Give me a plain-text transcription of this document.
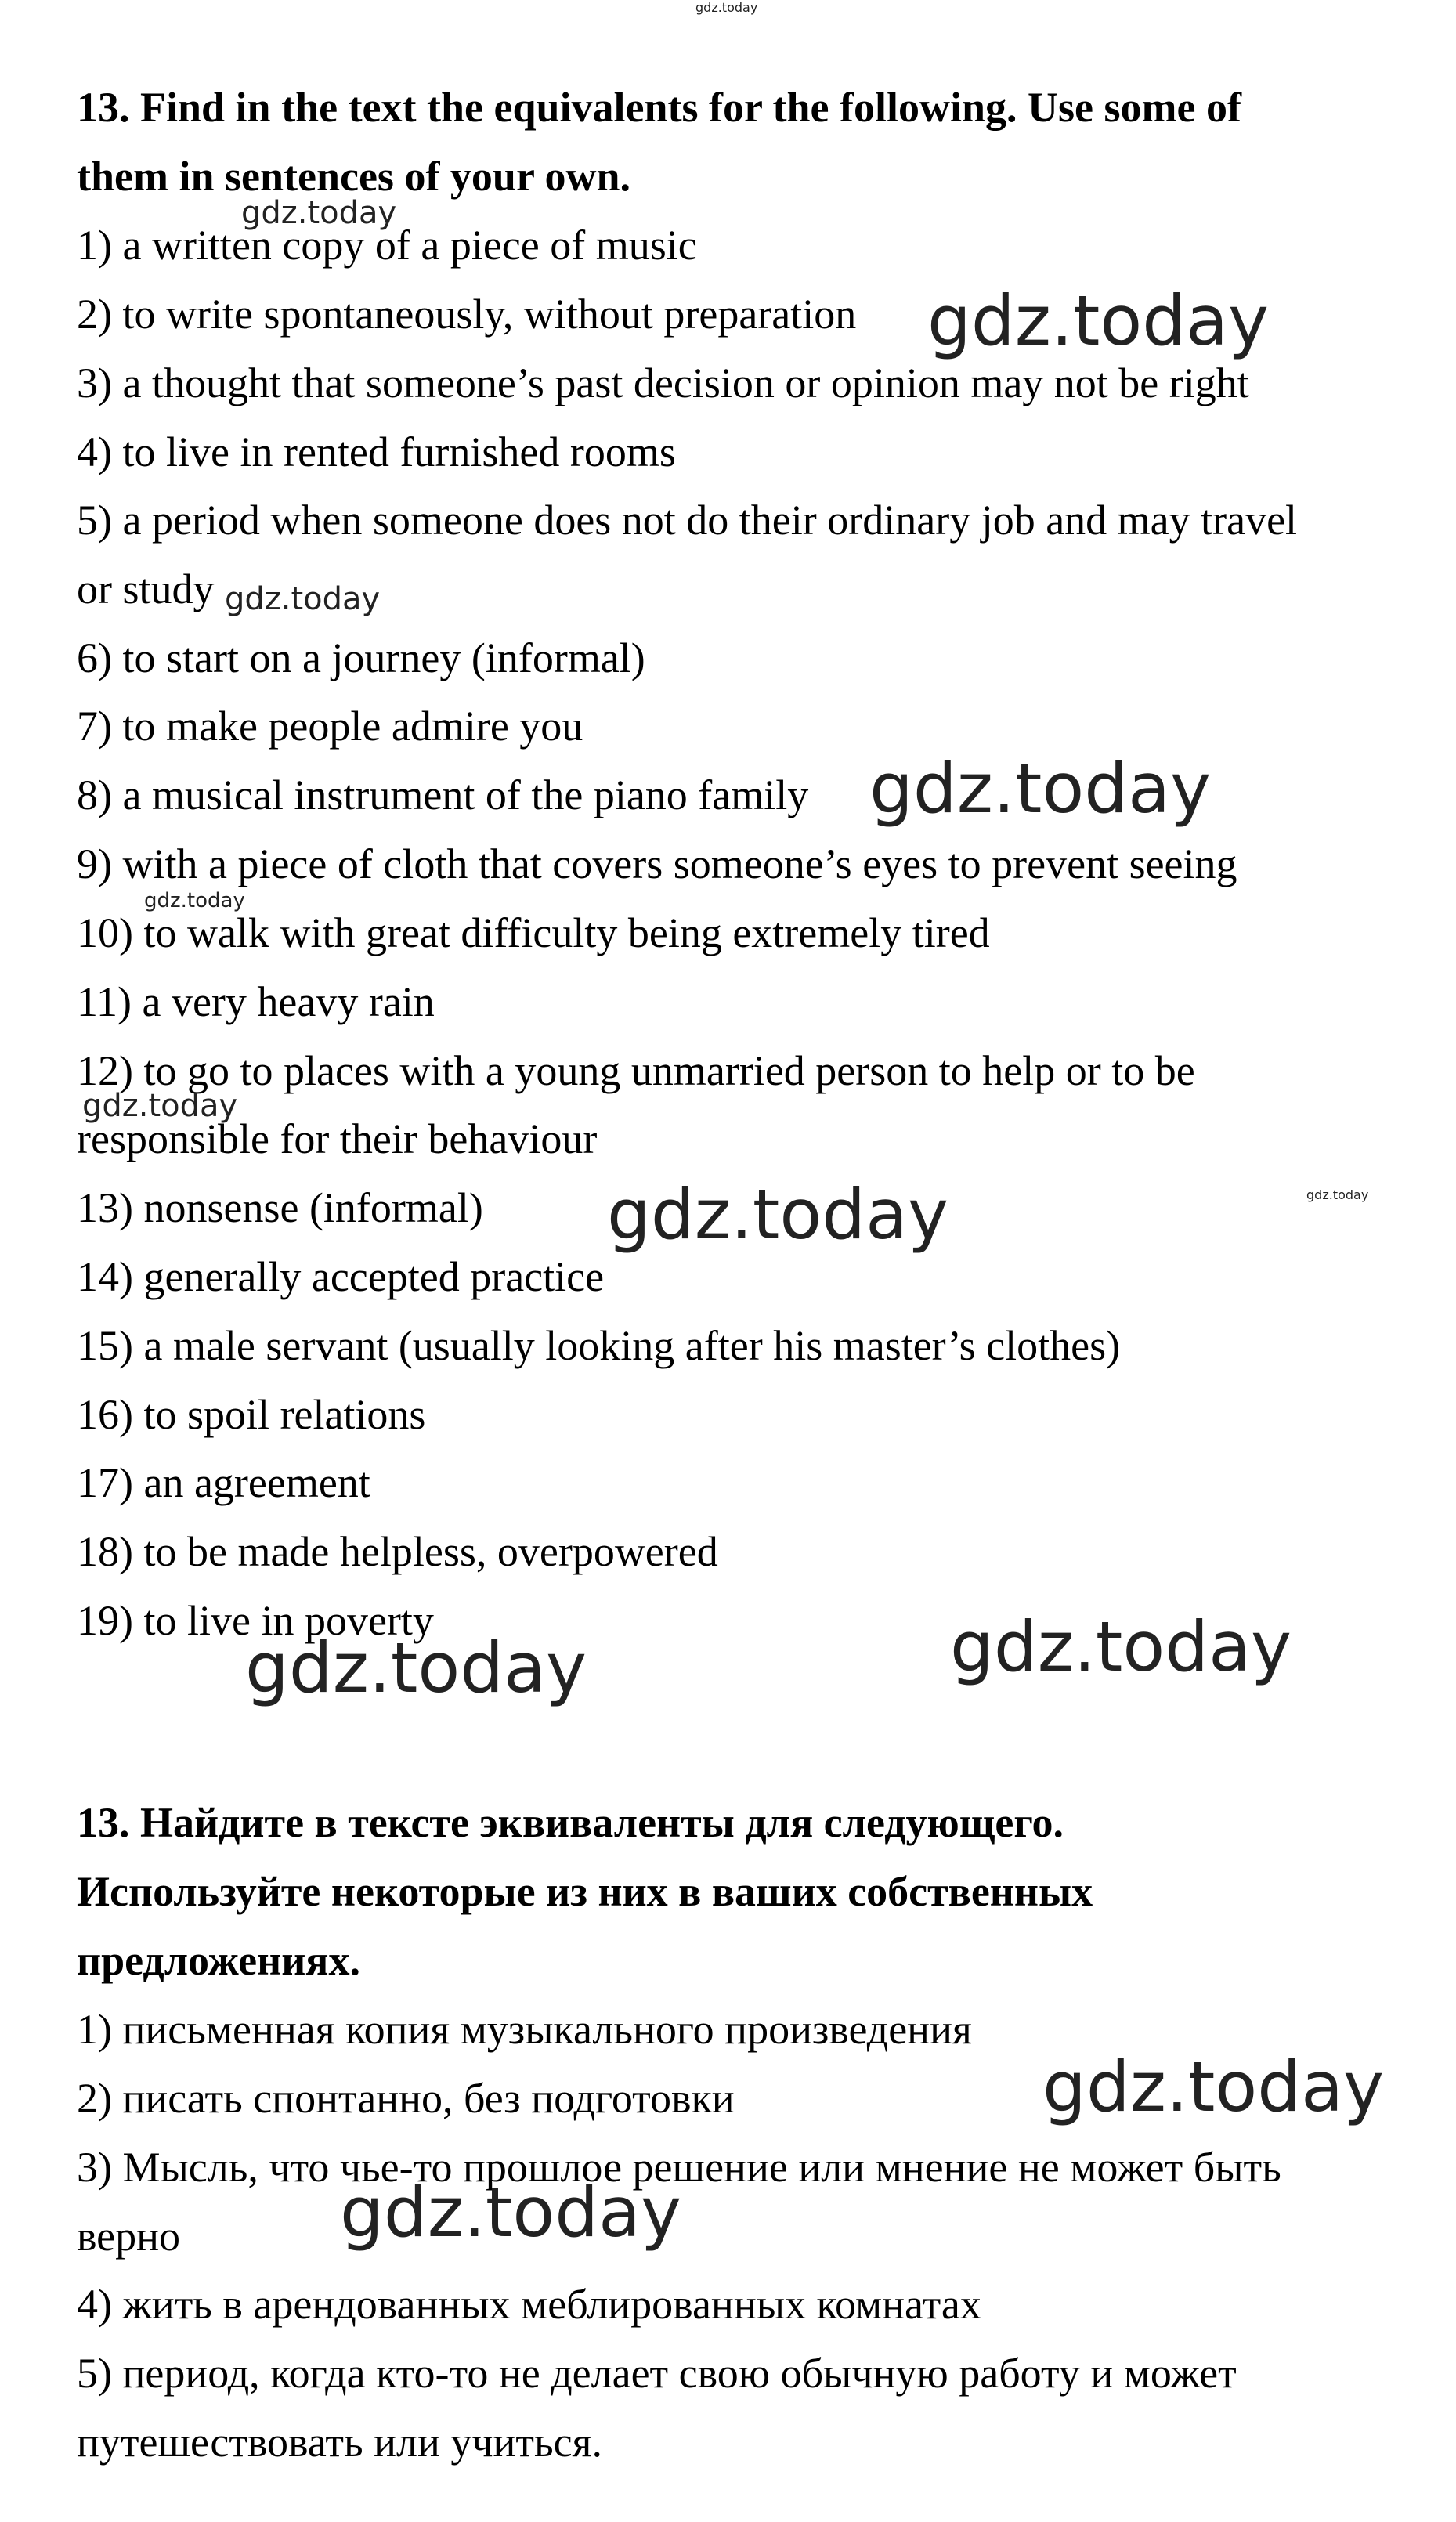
13. Find in the text the equivalents for the following. Use some of
them in sentences of your own.
1) a written copy of a piece of music
2) to write spontaneously, without preparation
3) a thought that someone’s past decision or opinion may not be right
4) to live in rented furnished rooms
5) a period when someone does not do their ordinary job and may travel
or study
6) to start on a journey (informal)
7) to make people admire you
8) a musical instrument of the piano family
9) with a piece of cloth that covers someone’s eyes to prevent seeing
10) to walk with great difficulty being extremely tired
11) a very heavy rain
12) to go to places with a young unmarried person to help or to be
responsible for their behaviour
13) nonsense (informal)
14) generally accepted practice
15) a male servant (usually looking after his master’s clothes)
16) to spoil relations
17) an agreement
18) to be made helpless, overpowered
19) to live in poverty
13. Найдите в тексте эквиваленты для следующего.
Используйте некоторые из них в ваших собственных
предложениях.
1) письменная копия музыкального произведения
2) писать спонтанно, без подготовки
3) Мысль, что чье-то прошлое решение или мнение не может быть
верно
4) жить в арендованных меблированных комнатах
5) период, когда кто-то не делает свою обычную работу и может
путешествовать или учиться.
gdz.today
gdz.today
gdz.today
gdz.today
gdz.today
gdz.today
gdz.today
gdz.today	gdz.today
gdz.today
gdz.today
gdz.today
gdz.today
